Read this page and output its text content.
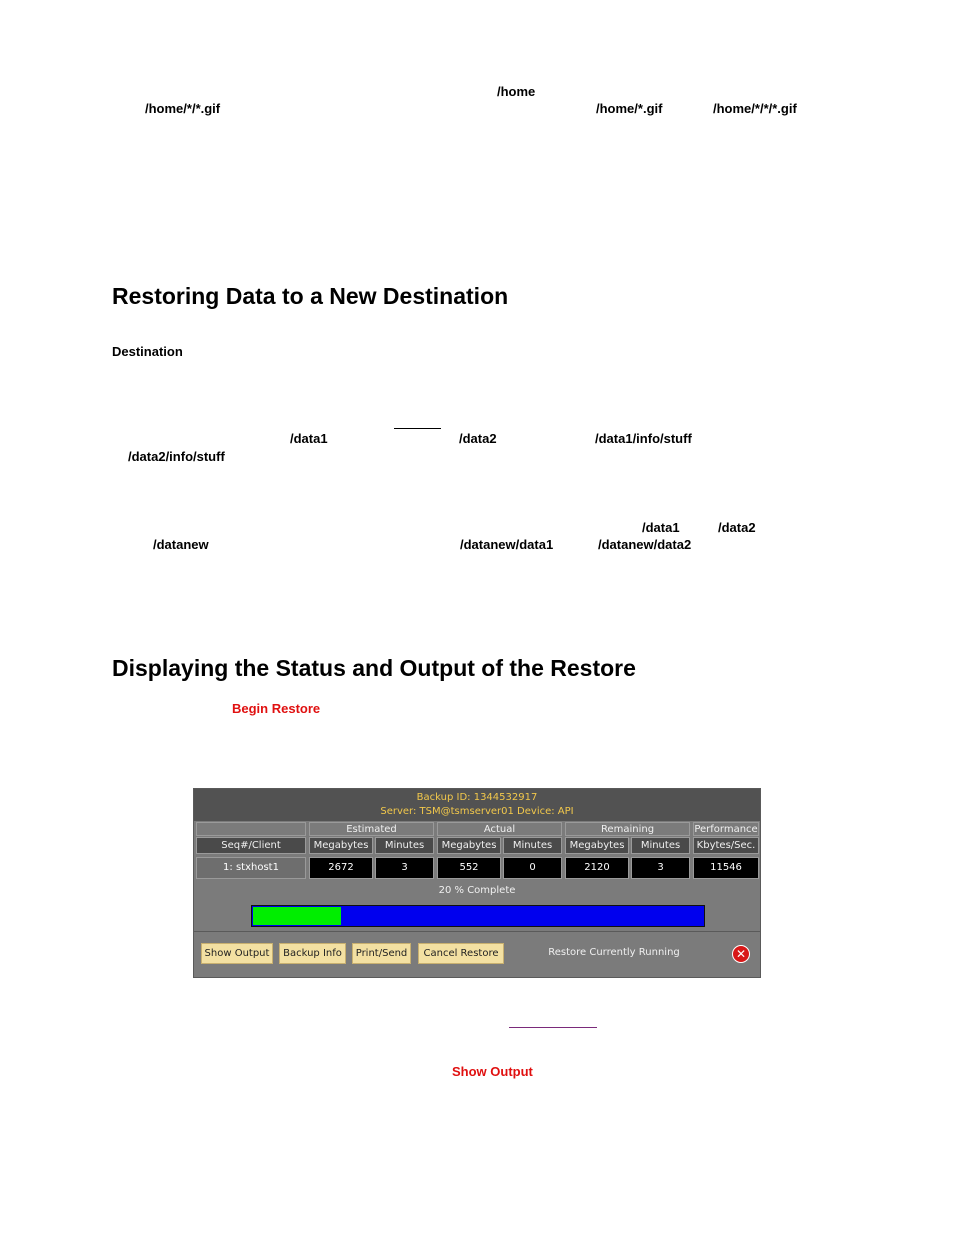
/home
/home/*/*.gif	/home/*.gif	/home/*/*/*.gif
Restoring Data to a New Destination
Destination
/data1	/data2	/data1/info/stuff
/data2/info/stuff
/data1	/data2
/datanew	/datanew/data1	/datanew/data2
Displaying the Status and Output of the Restore
Begin Restore
Backup ID: 1344532917
Server: TSM@tsmserver01 Device: API
Estimated	Actual	Remaining	Performance
Seq#/Client	Megabytes	Minutes	Megabytes	Minutes	Megabytes	Minutes	Kbytes/Sec.
1: stxhost1	2672	3	552	0	2120	3	11546
20 % Complete
Show Output	Backup Info	Print/Send	Cancel Restore	Restore Currently Running	✕
Show Output
